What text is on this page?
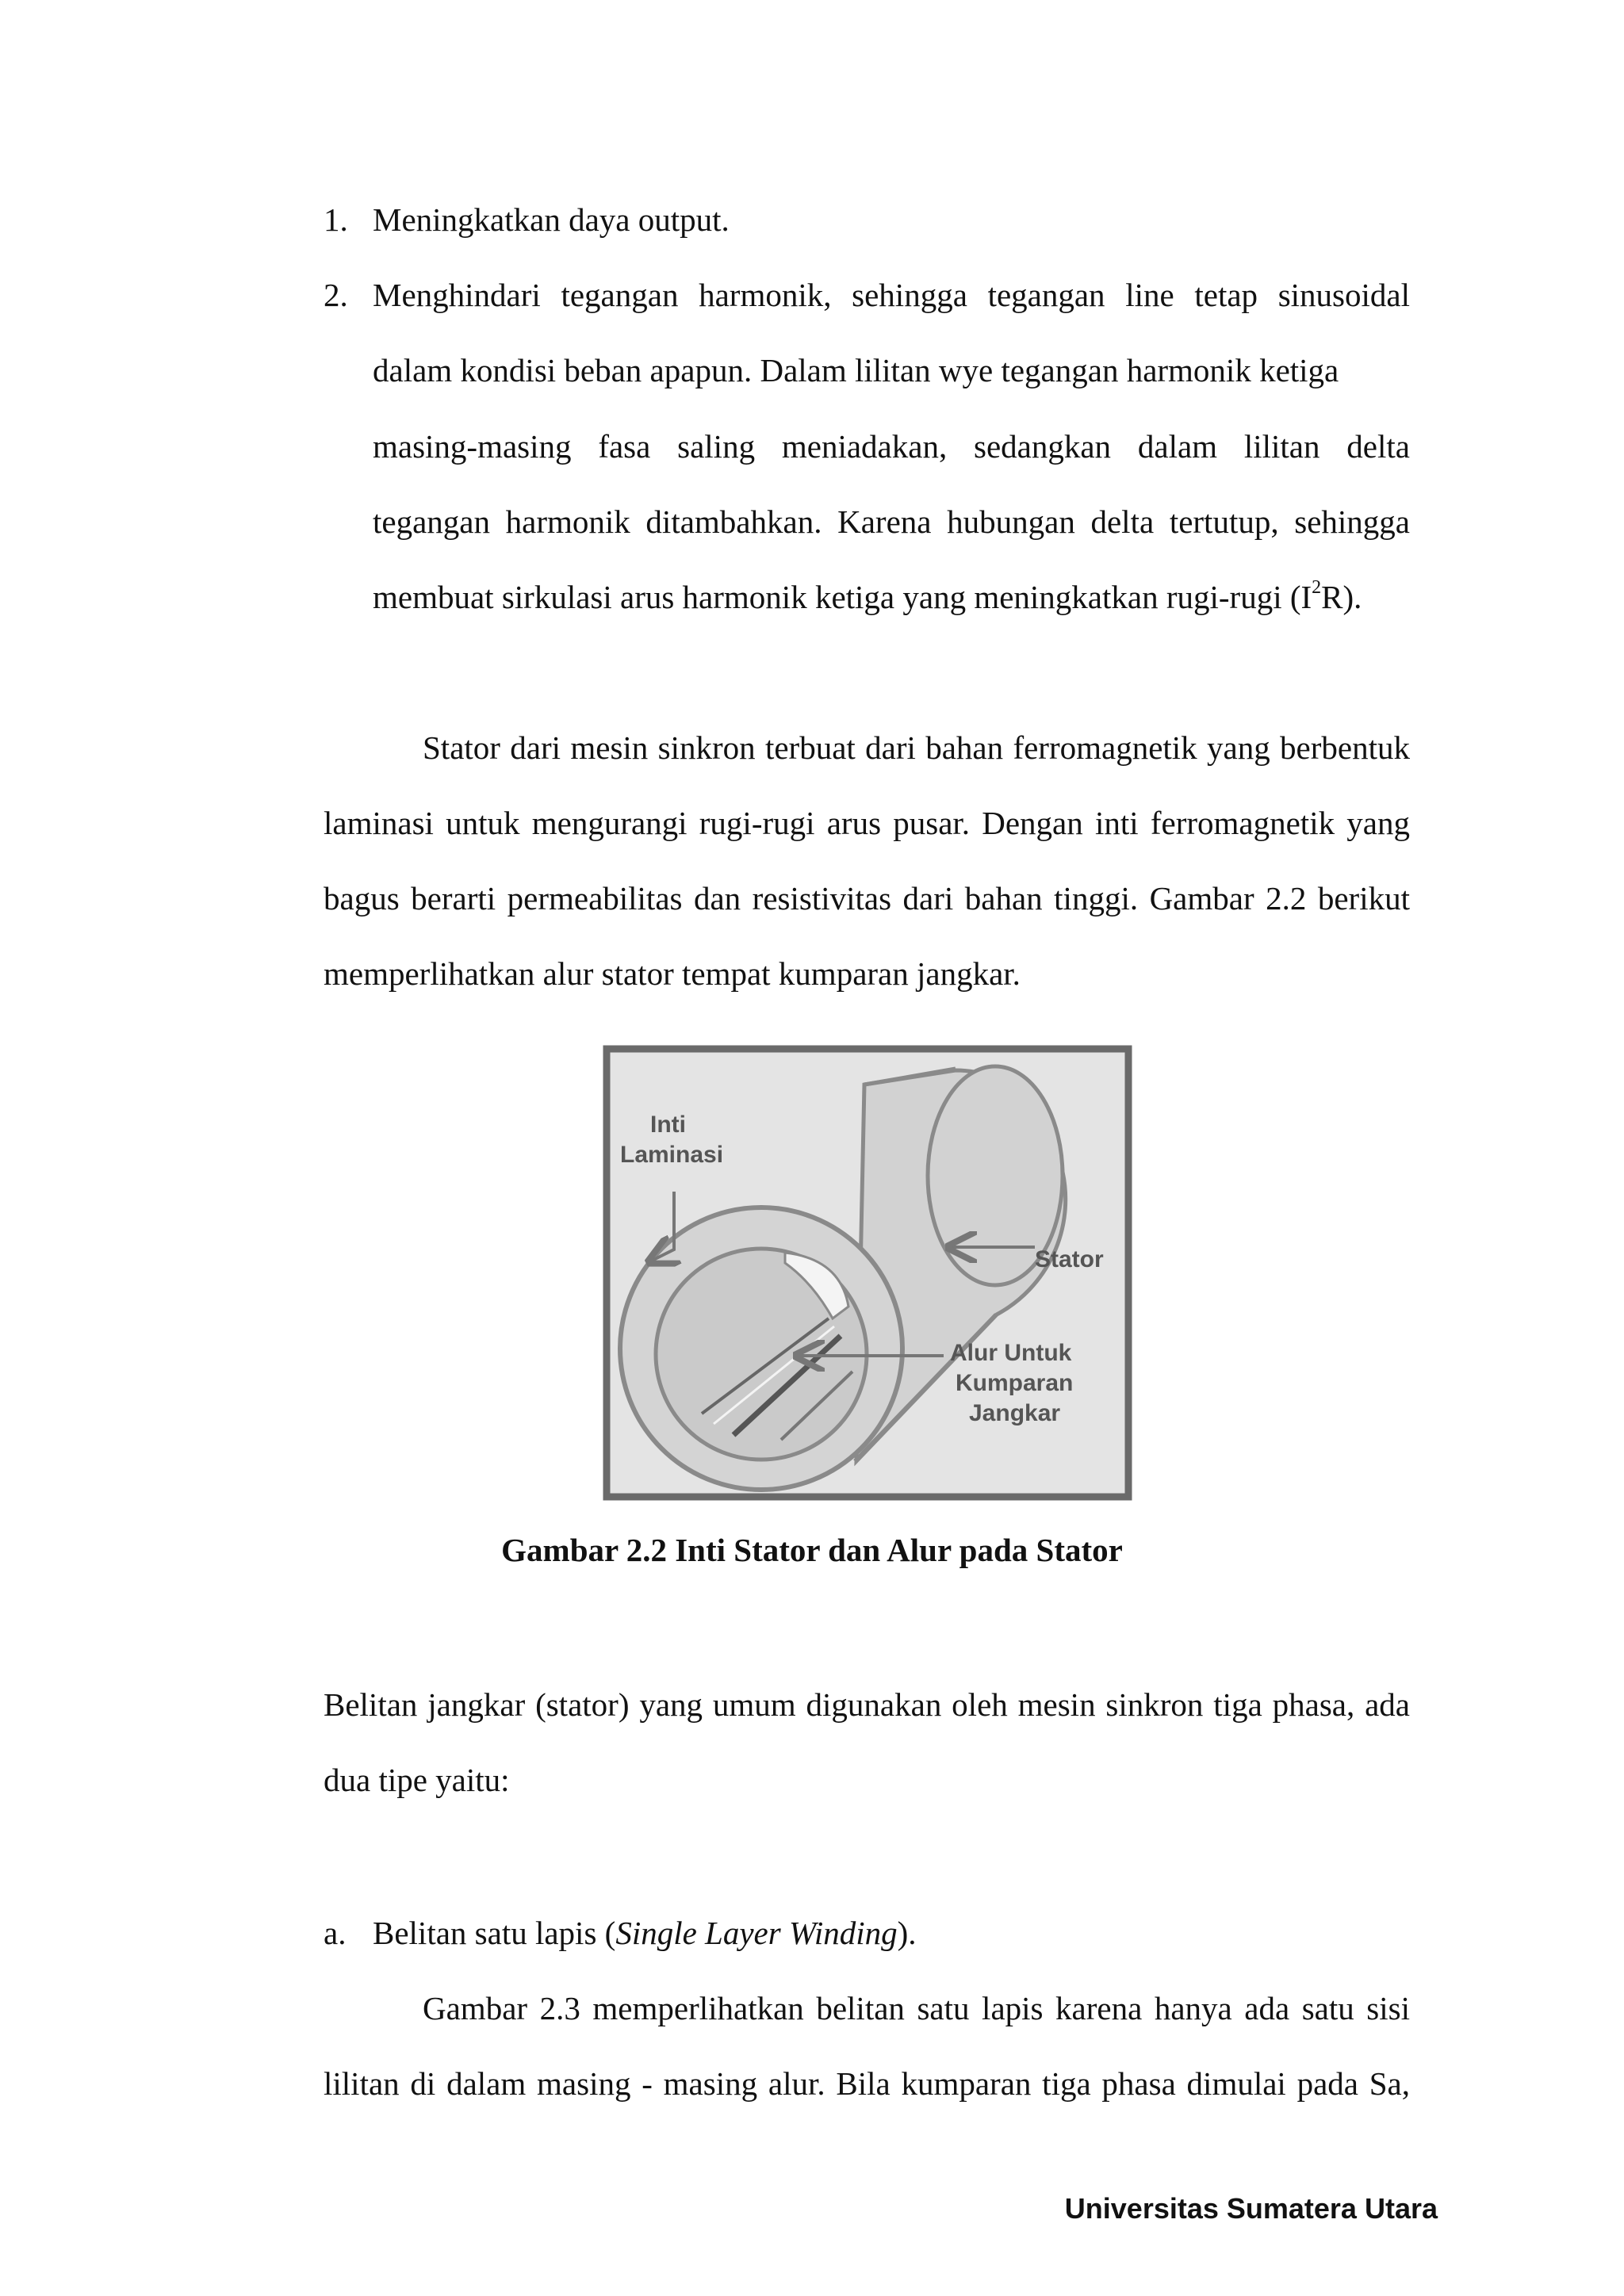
1. Meningkatkan daya output.
2. Menghindari tegangan harmonik, sehingga tegangan line tetap sinusoidal
dalam kondisi beban apapun. Dalam lilitan wye tegangan harmonik ketiga
masing-masing fasa saling meniadakan, sedangkan dalam lilitan delta
tegangan harmonik ditambahkan. Karena hubungan delta tertutup, sehingga
membuat sirkulasi arus harmonik ketiga yang meningkatkan rugi-rugi $(I^2R)$.
Stator dari mesin sinkron terbuat dari bahan ferromagnetik yang berbentuk
laminasi untuk mengurangi rugi-rugi arus pusar. Dengan inti ferromagnetik yang
bagus berarti permeabilitas dan resistivitas dari bahan tinggi. Gambar 2.2 berikut
memperlihatkan alur stator tempat kumparan jangkar.
Inti
Laminasi
Stator
Alur Untuk
Kumparan
Jangkar
Gambar 2.2 Inti Stator dan Alur pada Stator
Belitan jangkar (stator) yang umum digunakan oleh mesin sinkron tiga phasa, ada
dua tipe yaitu:
a. Belitan satu lapis (Single Layer Winding).
Gambar 2.3 memperlihatkan belitan satu lapis karena hanya ada satu sisi
lilitan di dalam masing - masing alur. Bila kumparan tiga phasa dimulai pada Sa,
Universitas Sumatera Utara
